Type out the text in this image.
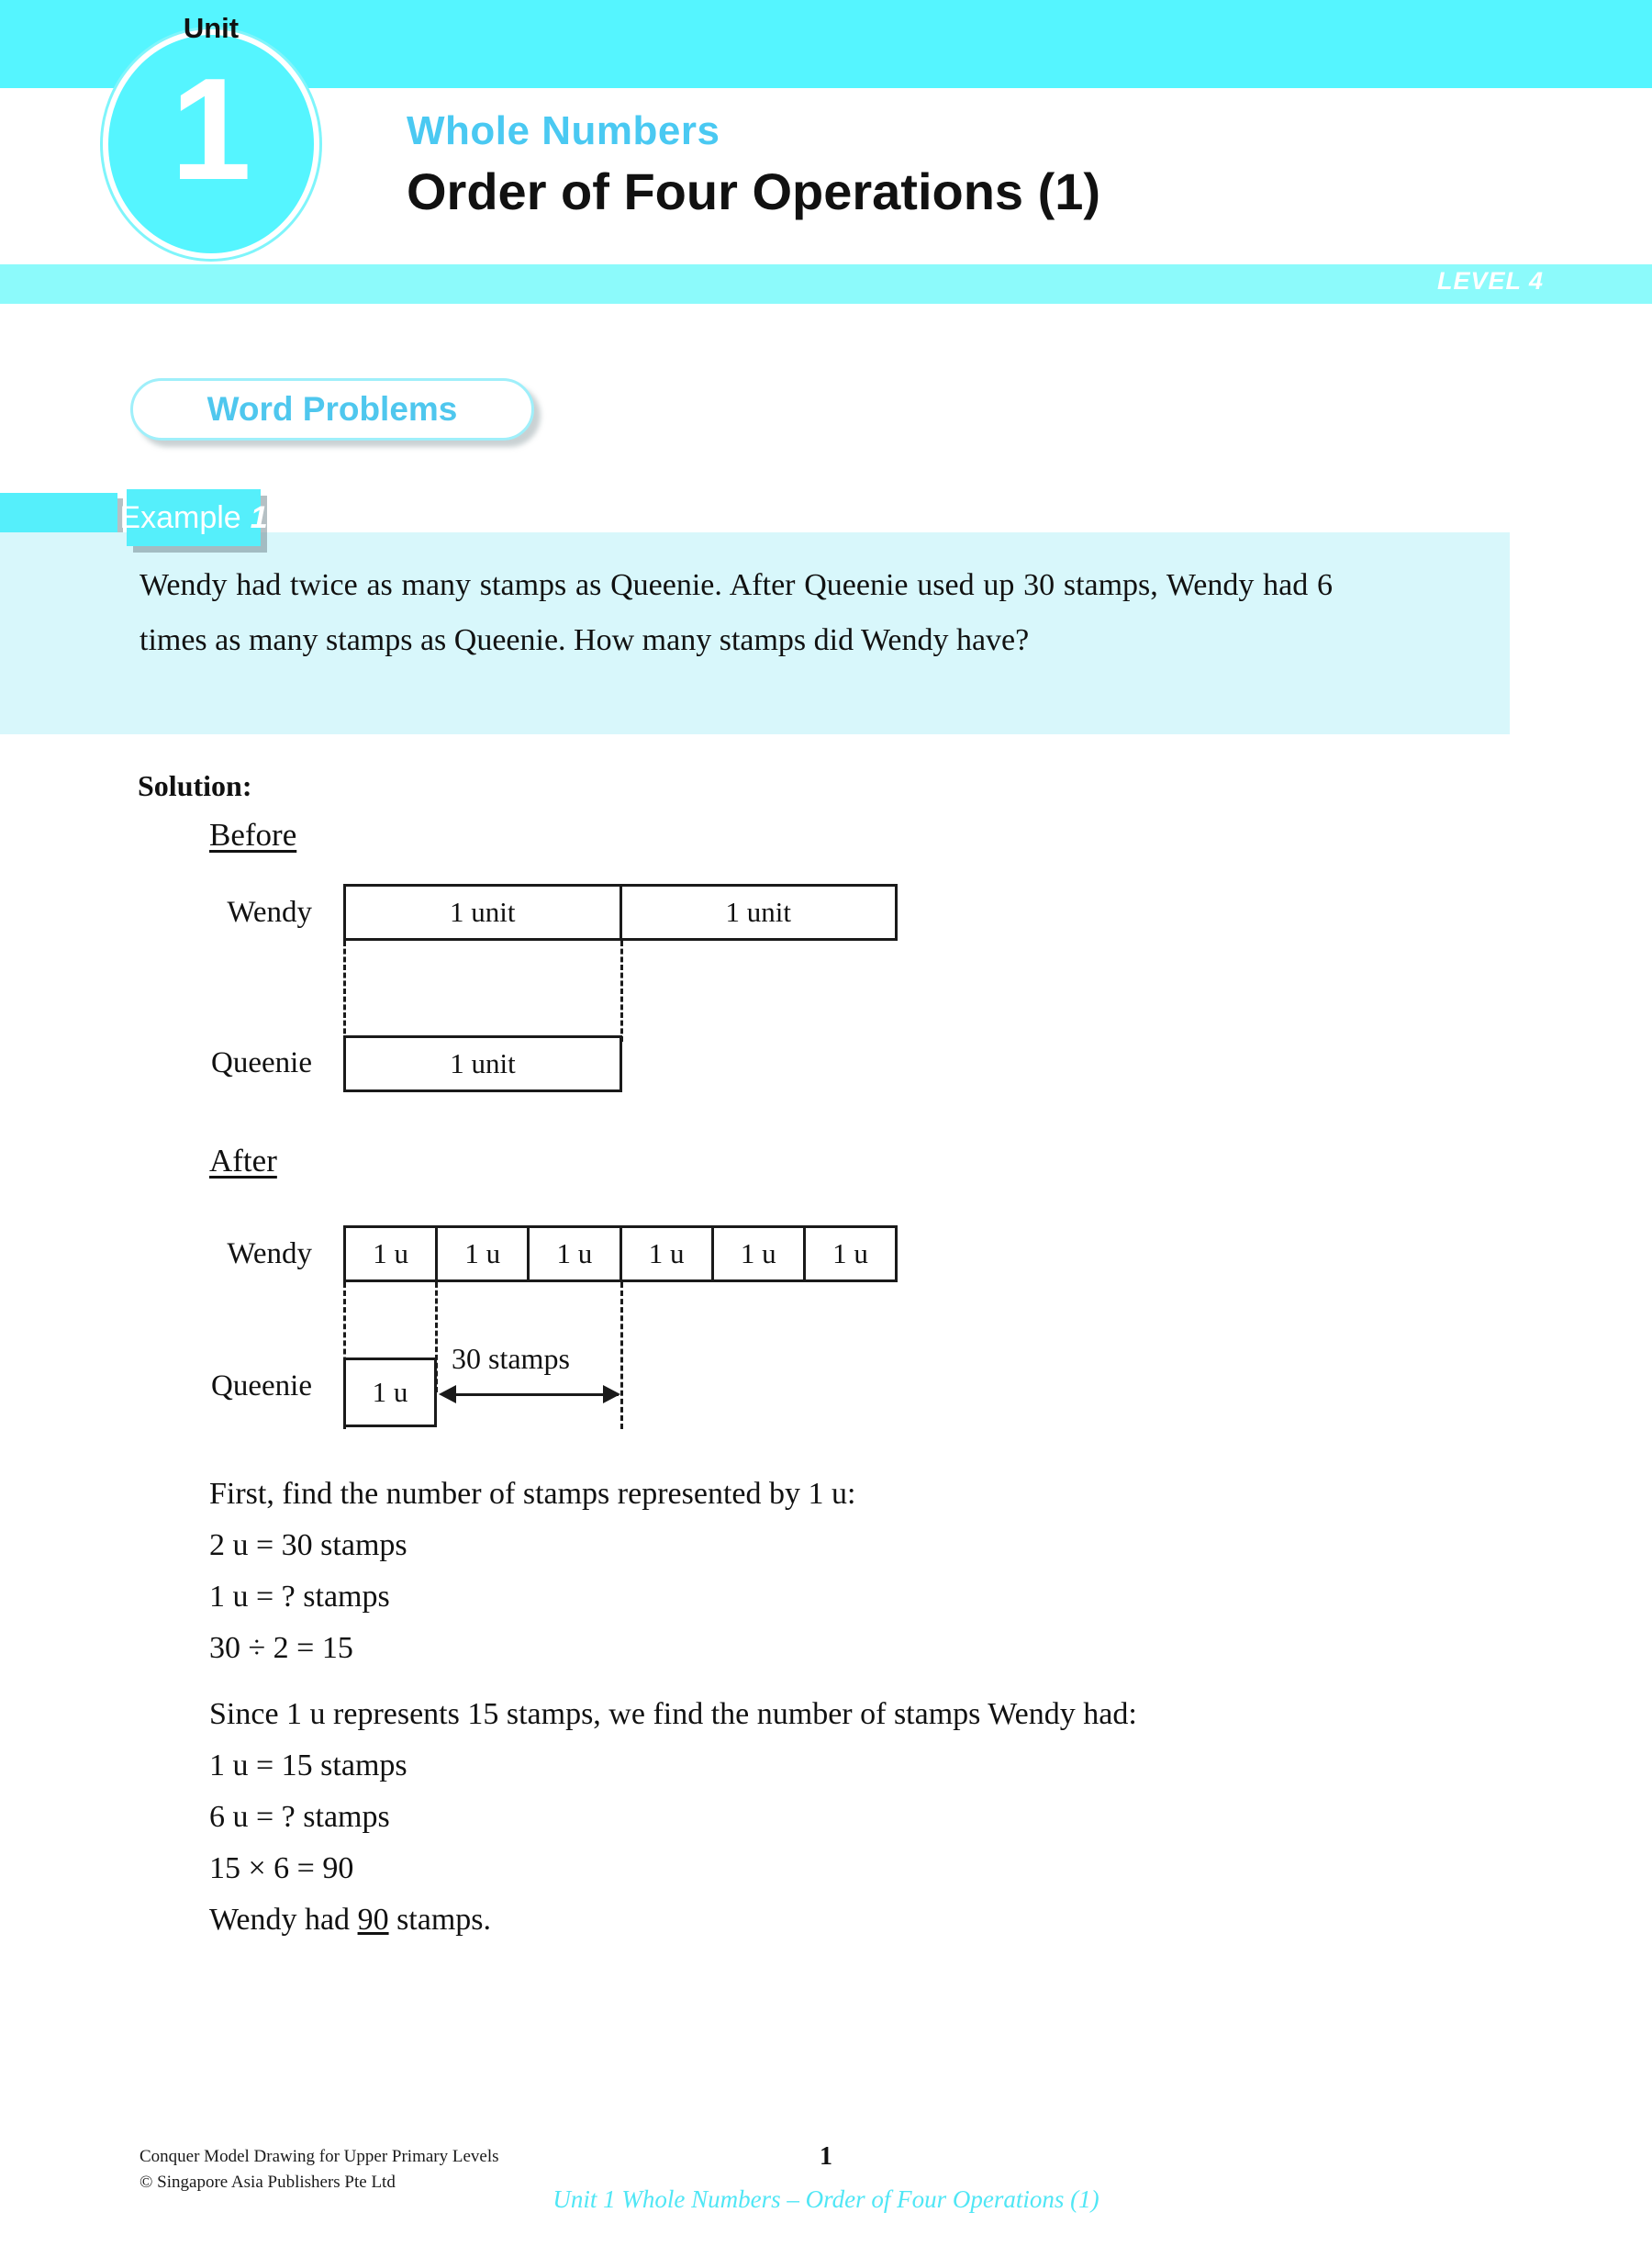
LEVEL 4
1
Unit
Whole Numbers
Order of Four Operations (1)
Word Problems
Example 1
Wendy had twice as many stamps as Queenie. After Queenie used up 30 stamps, Wendy had 6 times as many stamps as Queenie. How many stamps did Wendy have?
Solution:
Before
Wendy	1 unit	1 unit
Queenie	1 unit
After
Wendy	1 u	1 u	1 u	1 u	1 u	1 u
Queenie	1 u
30 stamps
First, find the number of stamps represented by 1 u:
2 u = 30 stamps
1 u = ? stamps
30 ÷ 2 = 15
Since 1 u represents 15 stamps, we find the number of stamps Wendy had:
1 u = 15 stamps
6 u = ? stamps
15 × 6 = 90
Wendy had 90 stamps.
Conquer Model Drawing for Upper Primary Levels
© Singapore Asia Publishers Pte Ltd
1
Unit 1 Whole Numbers – Order of Four Operations (1)
